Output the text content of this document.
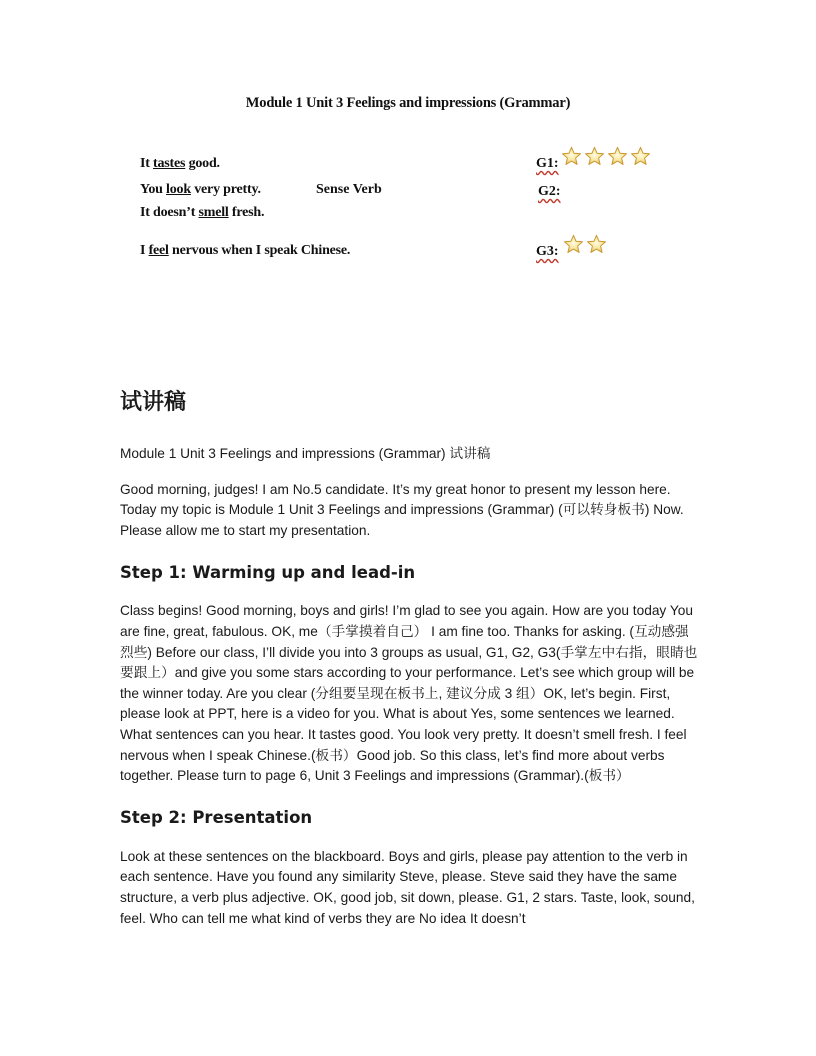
Module 1 Unit 3 Feelings and impressions (Grammar)
It tastes good.
You look very pretty.	Sense Verb
It doesn’t smell fresh.
I feel nervous when I speak Chinese.
G1:
G2:
G3:
试讲稿

Module 1 Unit 3 Feelings and impressions (Grammar) 试讲稿

Good morning, judges! I am No.5 candidate. It’s my great honor to present my lesson here. Today my topic is Module 1 Unit 3 Feelings and impressions (Grammar) (可以转身板书) Now. Please allow me to start my presentation.

Step 1: Warming up and lead-in

Class begins! Good morning, boys and girls! I’m glad to see you again. How are you today You are fine, great, fabulous. OK, me（手掌摸着自己） I am fine too. Thanks for asking. (互动感强烈些) Before our class, I’ll divide you into 3 groups as usual, G1, G2, G3(手掌左中右指，眼睛也要跟上）and give you some stars according to your performance. Let’s see which group will be the winner today. Are you clear (分组要呈现在板书上, 建议分成 3 组）OK, let’s begin. First, please look at PPT, here is a video for you. What is about Yes, some sentences we learned. What sentences can you hear. It tastes good. You look very pretty. It doesn’t smell fresh. I feel nervous when I speak Chinese.(板书）Good job. So this class, let’s find more about verbs together. Please turn to page 6, Unit 3 Feelings and impressions (Grammar).(板书）

Step 2: Presentation

Look at these sentences on the blackboard. Boys and girls, please pay attention to the verb in each sentence. Have you found any similarity Steve, please. Steve said they have the same structure, a verb plus adjective. OK, good job, sit down, please. G1, 2 stars. Taste, look, sound, feel. Who can tell me what kind of verbs they are No idea It doesn’t
